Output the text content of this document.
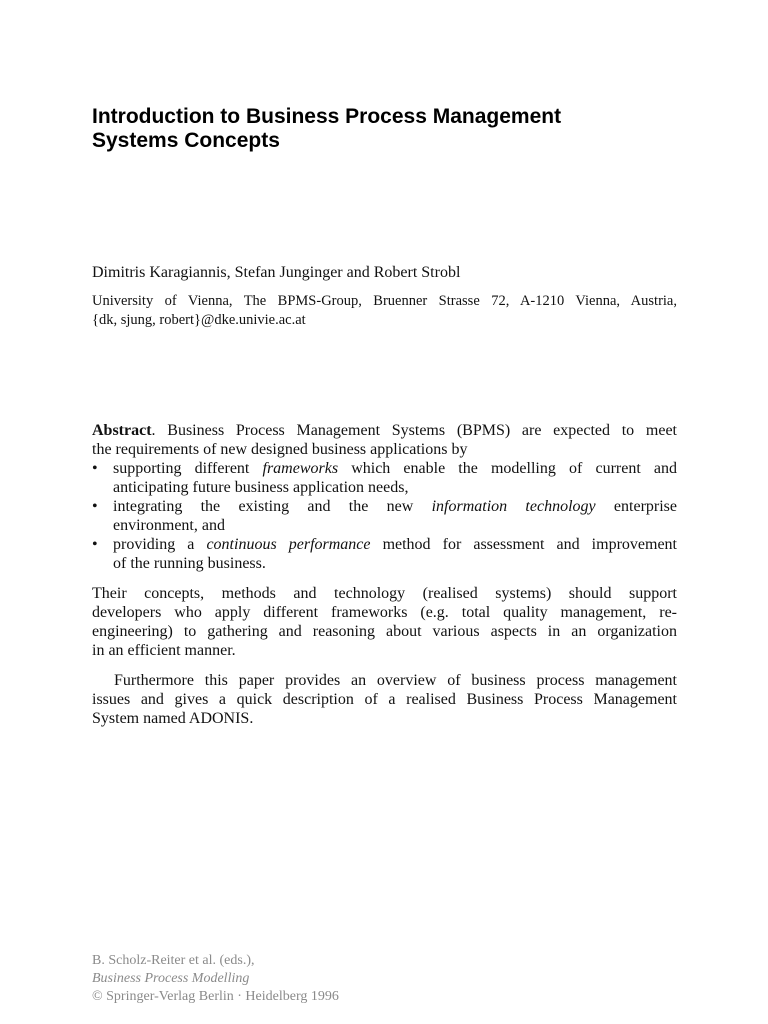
Introduction to Business Process Management
Systems Concepts
Dimitris Karagiannis, Stefan Junginger and Robert Strobl
University of Vienna, The BPMS-Group, Bruenner Strasse 72, A-1210 Vienna, Austria,
{dk, sjung, robert}@dke.univie.ac.at

Abstract. Business Process Management Systems (BPMS) are expected to meet
the requirements of new designed business applications by

• supporting different frameworks which enable the modelling of current and
anticipating future business application needs,
• integrating the existing and the new information technology enterprise
environment, and
• providing a continuous performance method for assessment and improvement
of the running business.

Their concepts, methods and technology (realised systems) should support
developers who apply different frameworks (e.g. total quality management, re-
engineering) to gathering and reasoning about various aspects in an organization
in an efficient manner.

Furthermore this paper provides an overview of business process management
issues and gives a quick description of a realised Business Process Management
System named ADONIS.

B. Scholz-Reiter et al. (eds.),
Business Process Modelling
© Springer-Verlag Berlin · Heidelberg 1996
